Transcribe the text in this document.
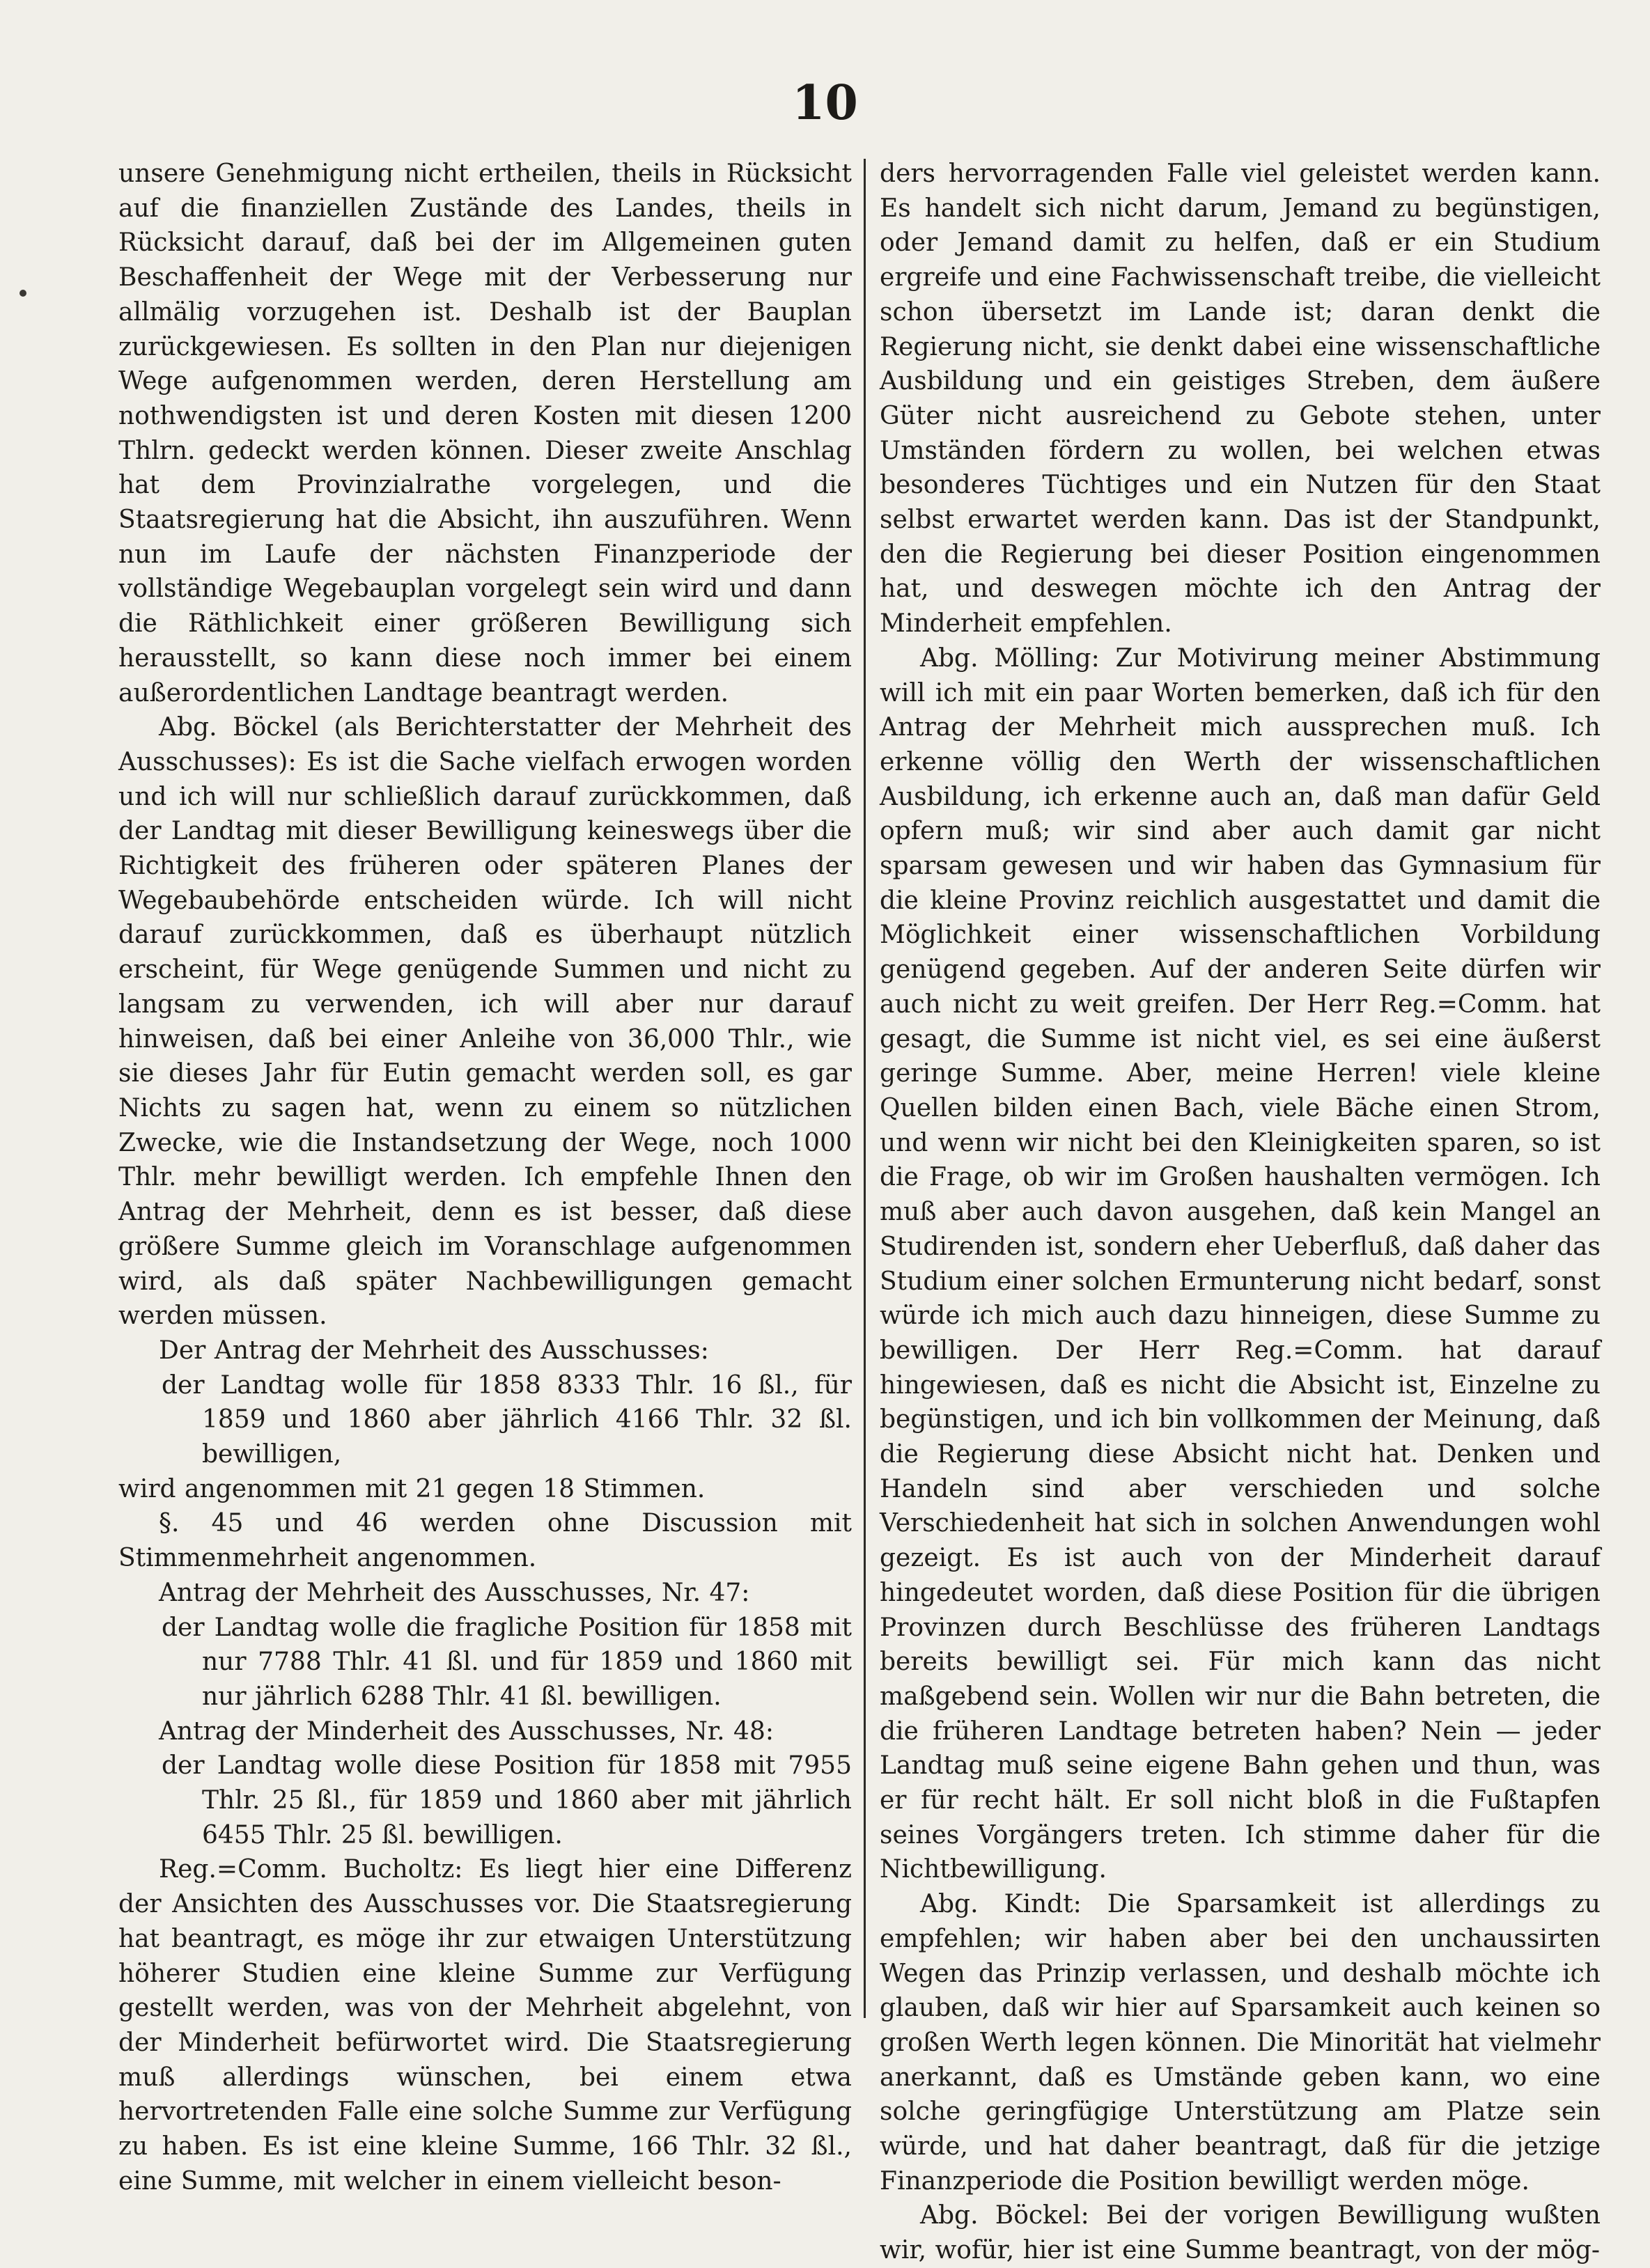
10

unsere Genehmigung nicht ertheilen, theils in Rücksicht auf die finanziellen Zustände des Landes, theils in Rücksicht darauf, daß bei der im Allgemeinen guten Beschaffenheit der Wege mit der Verbesserung nur allmälig vorzugehen ist. Deshalb ist der Bauplan zurückgewiesen. Es sollten in den Plan nur diejenigen Wege aufgenommen werden, deren Herstellung am nothwendigsten ist und deren Kosten mit diesen 1200 Thlrn. gedeckt werden können. Dieser zweite Anschlag hat dem Provinzialrathe vorgelegen, und die Staatsregierung hat die Absicht, ihn auszuführen. Wenn nun im Laufe der nächsten Finanzperiode der vollständige Wegebauplan vorgelegt sein wird und dann die Räthlichkeit einer größeren Bewilligung sich herausstellt, so kann diese noch immer bei einem außerordentlichen Landtage beantragt werden.

Abg. Böckel (als Berichterstatter der Mehrheit des Ausschusses): Es ist die Sache vielfach erwogen worden und ich will nur schließlich darauf zurückkommen, daß der Landtag mit dieser Bewilligung keineswegs über die Richtigkeit des früheren oder späteren Planes der Wegebaubehörde entscheiden würde. Ich will nicht darauf zurückkommen, daß es überhaupt nützlich erscheint, für Wege genügende Summen und nicht zu langsam zu verwenden, ich will aber nur darauf hinweisen, daß bei einer Anleihe von 36,000 Thlr., wie sie dieses Jahr für Eutin gemacht werden soll, es gar Nichts zu sagen hat, wenn zu einem so nützlichen Zwecke, wie die Instandsetzung der Wege, noch 1000 Thlr. mehr bewilligt werden. Ich empfehle Ihnen den Antrag der Mehrheit, denn es ist besser, daß diese größere Summe gleich im Voranschlage aufgenommen wird, als daß später Nachbewilligungen gemacht werden müssen.

Der Antrag der Mehrheit des Ausschusses:

der Landtag wolle für 1858 8333 Thlr. 16 ßl., für 1859 und 1860 aber jährlich 4166 Thlr. 32 ßl. bewilligen,

wird angenommen mit 21 gegen 18 Stimmen.

§. 45 und 46 werden ohne Discussion mit Stimmenmehrheit angenommen.

Antrag der Mehrheit des Ausschusses, Nr. 47:

der Landtag wolle die fragliche Position für 1858 mit nur 7788 Thlr. 41 ßl. und für 1859 und 1860 mit nur jährlich 6288 Thlr. 41 ßl. bewilligen.

Antrag der Minderheit des Ausschusses, Nr. 48:

der Landtag wolle diese Position für 1858 mit 7955 Thlr. 25 ßl., für 1859 und 1860 aber mit jährlich 6455 Thlr. 25 ßl. bewilligen.

Reg.=Comm. Bucholtz: Es liegt hier eine Differenz der Ansichten des Ausschusses vor. Die Staatsregierung hat beantragt, es möge ihr zur etwaigen Unterstützung höherer Studien eine kleine Summe zur Verfügung gestellt werden, was von der Mehrheit abgelehnt, von der Minderheit befürwortet wird. Die Staatsregierung muß allerdings wünschen, bei einem etwa hervortretenden Falle eine solche Summe zur Verfügung zu haben. Es ist eine kleine Summe, 166 Thlr. 32 ßl., eine Summe, mit welcher in einem vielleicht beson-

ders hervorragenden Falle viel geleistet werden kann. Es handelt sich nicht darum, Jemand zu begünstigen, oder Jemand damit zu helfen, daß er ein Studium ergreife und eine Fachwissenschaft treibe, die vielleicht schon übersetzt im Lande ist; daran denkt die Regierung nicht, sie denkt dabei eine wissenschaftliche Ausbildung und ein geistiges Streben, dem äußere Güter nicht ausreichend zu Gebote stehen, unter Umständen fördern zu wollen, bei welchen etwas besonderes Tüchtiges und ein Nutzen für den Staat selbst erwartet werden kann. Das ist der Standpunkt, den die Regierung bei dieser Position eingenommen hat, und deswegen möchte ich den Antrag der Minderheit empfehlen.

Abg. Mölling: Zur Motivirung meiner Abstimmung will ich mit ein paar Worten bemerken, daß ich für den Antrag der Mehrheit mich aussprechen muß. Ich erkenne völlig den Werth der wissenschaftlichen Ausbildung, ich erkenne auch an, daß man dafür Geld opfern muß; wir sind aber auch damit gar nicht sparsam gewesen und wir haben das Gymnasium für die kleine Provinz reichlich ausgestattet und damit die Möglichkeit einer wissenschaftlichen Vorbildung genügend gegeben. Auf der anderen Seite dürfen wir auch nicht zu weit greifen. Der Herr Reg.=Comm. hat gesagt, die Summe ist nicht viel, es sei eine äußerst geringe Summe. Aber, meine Herren! viele kleine Quellen bilden einen Bach, viele Bäche einen Strom, und wenn wir nicht bei den Kleinigkeiten sparen, so ist die Frage, ob wir im Großen haushalten vermögen. Ich muß aber auch davon ausgehen, daß kein Mangel an Studirenden ist, sondern eher Ueberfluß, daß daher das Studium einer solchen Ermunterung nicht bedarf, sonst würde ich mich auch dazu hinneigen, diese Summe zu bewilligen. Der Herr Reg.=Comm. hat darauf hingewiesen, daß es nicht die Absicht ist, Einzelne zu begünstigen, und ich bin vollkommen der Meinung, daß die Regierung diese Absicht nicht hat. Denken und Handeln sind aber verschieden und solche Verschiedenheit hat sich in solchen Anwendungen wohl gezeigt. Es ist auch von der Minderheit darauf hingedeutet worden, daß diese Position für die übrigen Provinzen durch Beschlüsse des früheren Landtags bereits bewilligt sei. Für mich kann das nicht maßgebend sein. Wollen wir nur die Bahn betreten, die die früheren Landtage betreten haben? Nein — jeder Landtag muß seine eigene Bahn gehen und thun, was er für recht hält. Er soll nicht bloß in die Fußtapfen seines Vorgängers treten. Ich stimme daher für die Nichtbewilligung.

Abg. Kindt: Die Sparsamkeit ist allerdings zu empfehlen; wir haben aber bei den unchaussirten Wegen das Prinzip verlassen, und deshalb möchte ich glauben, daß wir hier auf Sparsamkeit auch keinen so großen Werth legen können. Die Minorität hat vielmehr anerkannt, daß es Umstände geben kann, wo eine solche geringfügige Unterstützung am Platze sein würde, und hat daher beantragt, daß für die jetzige Finanzperiode die Position bewilligt werden möge.

Abg. Böckel: Bei der vorigen Bewilligung wußten wir, wofür, hier ist eine Summe beantragt, von der mög-
